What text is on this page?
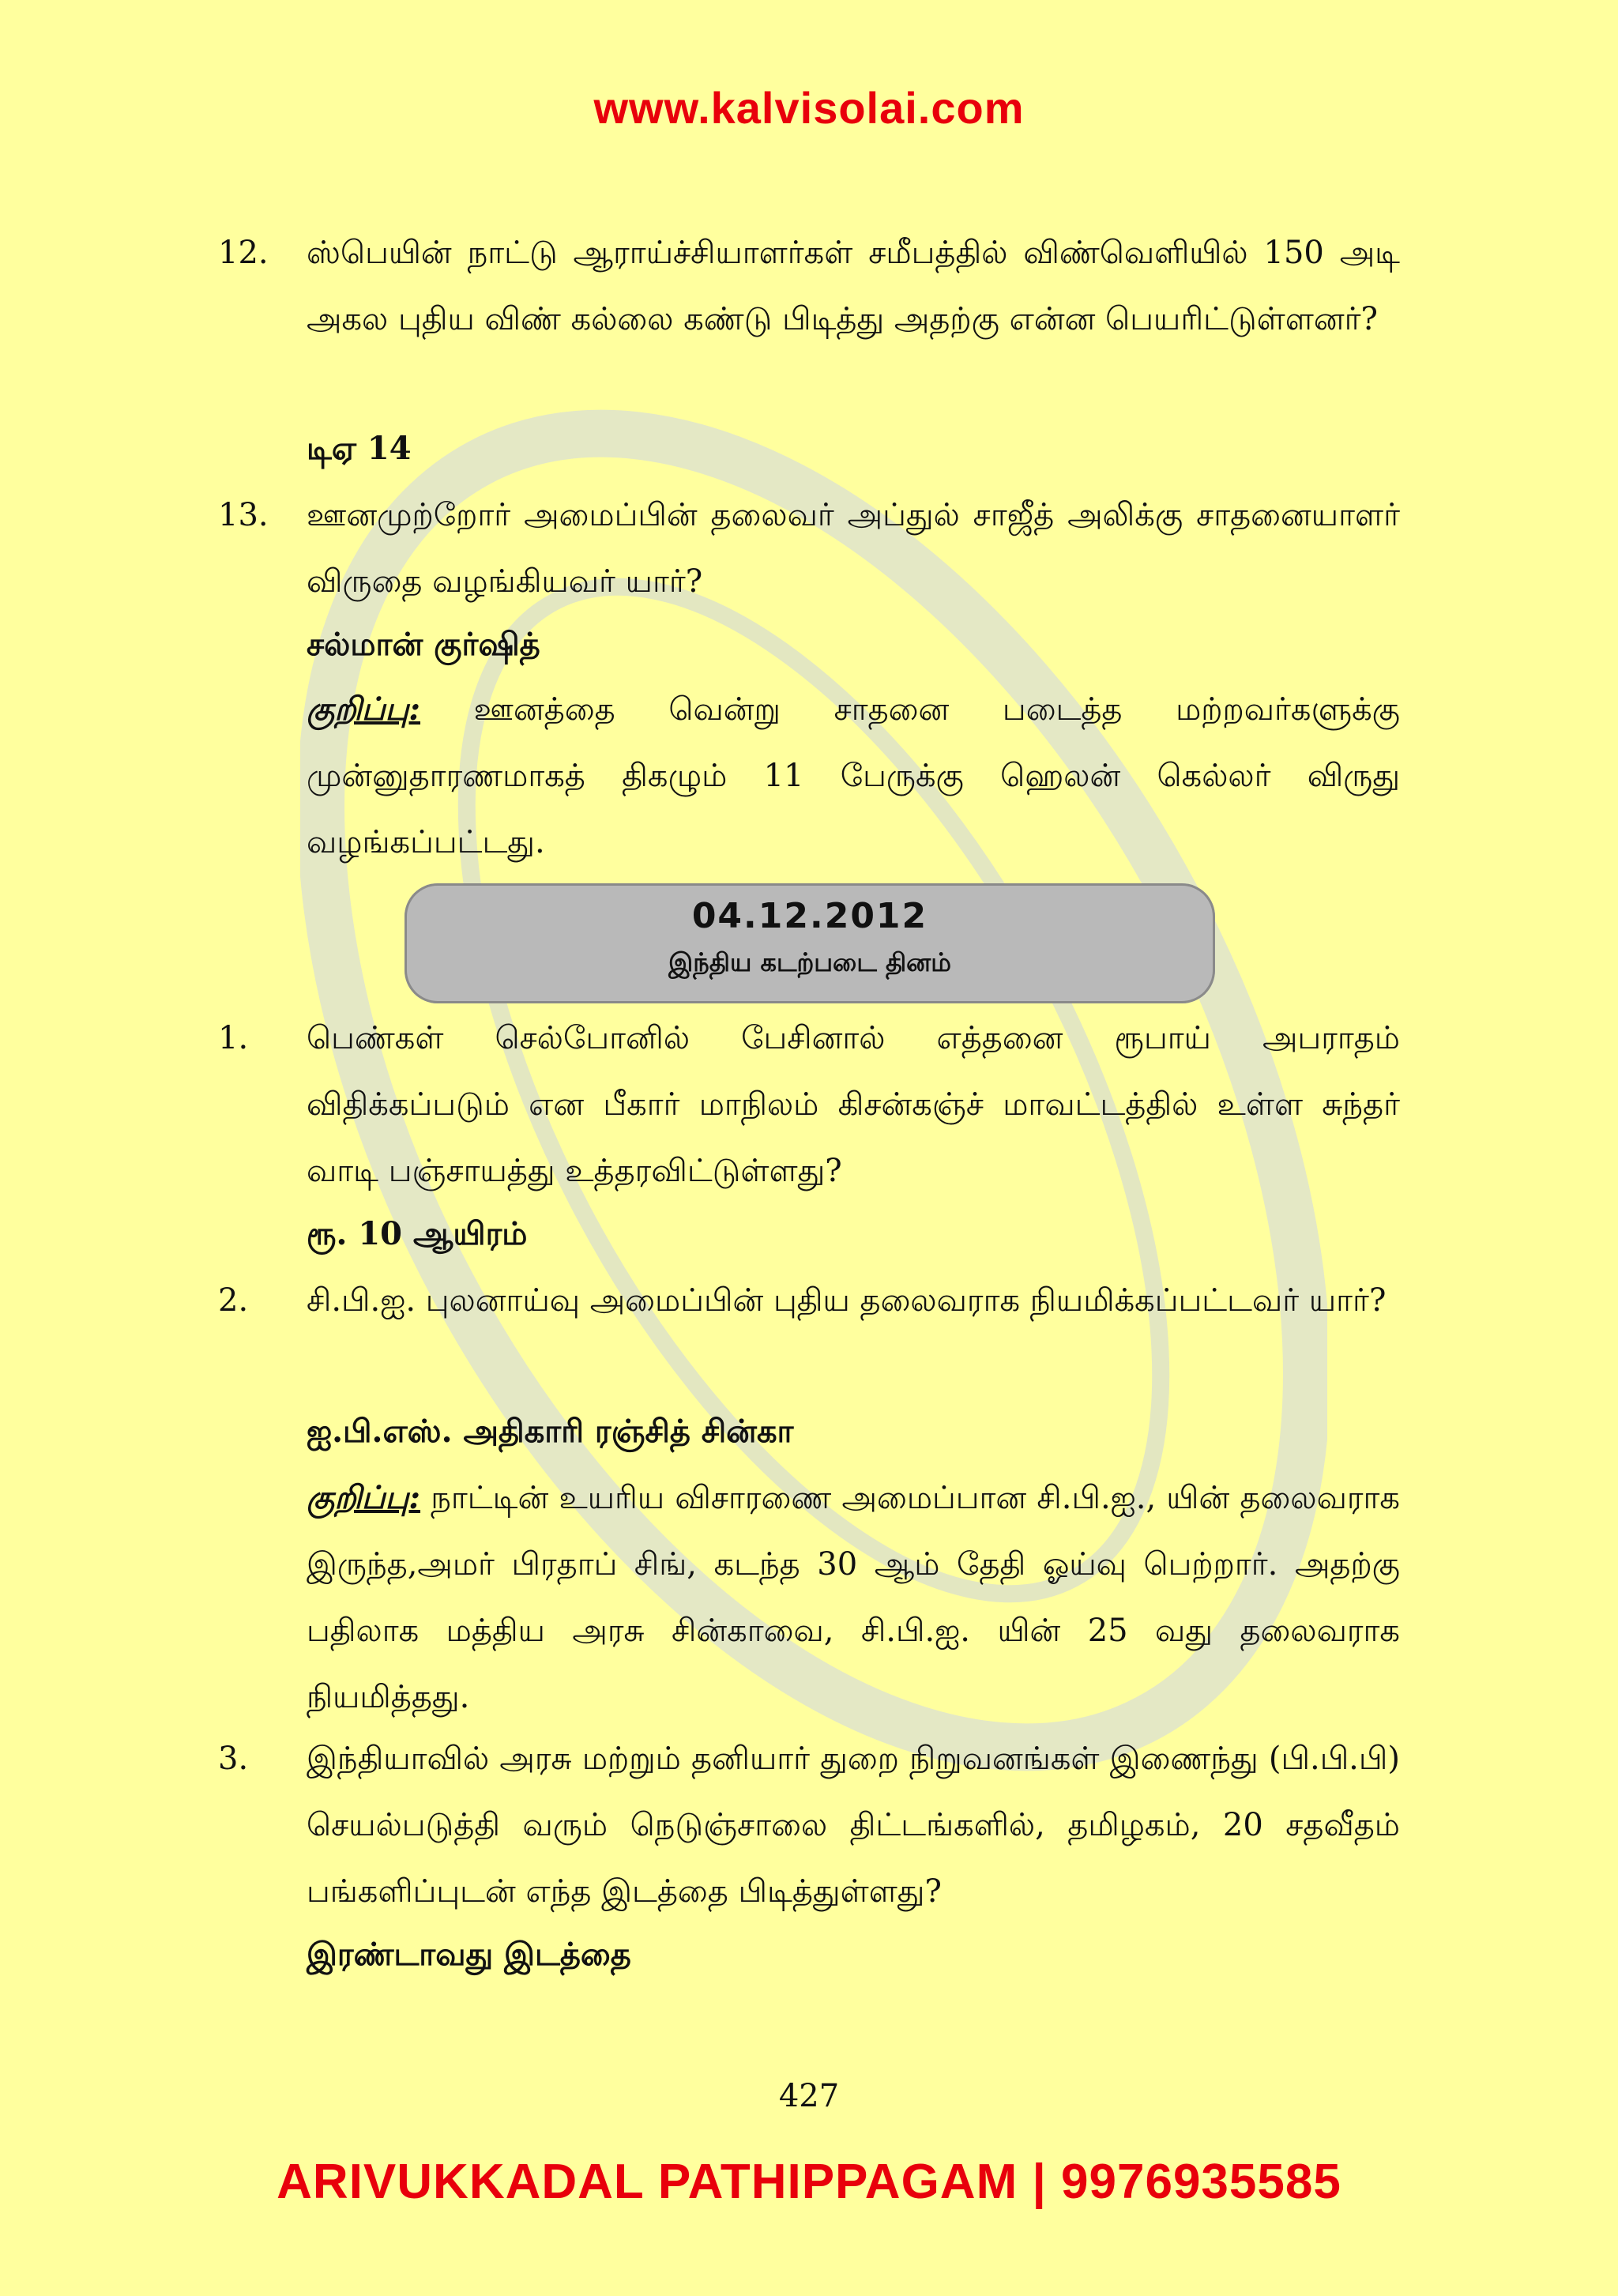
www.kalvisolai.com
12. ஸ்பெயின் நாட்டு ஆராய்ச்சியாளர்கள் சமீபத்தில் விண்வெளியில் 150 அடி அகல புதிய விண் கல்லை கண்டு பிடித்து அதற்கு என்ன பெயரிட்டுள்ளனர்?
டிஏ 14
13. ஊனமுற்றோர் அமைப்பின் தலைவர் அப்துல் சாஜீத் அலிக்கு சாதனையாளர் விருதை வழங்கியவர் யார்?
சல்மான் குர்ஷித்
குறிப்பு: ஊனத்தை வென்று சாதனை படைத்த மற்றவர்களுக்கு முன்னுதாரணமாகத் திகழும் 11 பேருக்கு ஹெலன் கெல்லர் விருது வழங்கப்பட்டது.
04.12.2012
இந்திய கடற்படை தினம்
1. பெண்கள் செல்போனில் பேசினால் எத்தனை ரூபாய் அபராதம் விதிக்கப்படும் என பீகார் மாநிலம் கிசன்கஞ்ச் மாவட்டத்தில் உள்ள சுந்தர் வாடி பஞ்சாயத்து உத்தரவிட்டுள்ளது?
ரூ. 10 ஆயிரம்
2. சி.பி.ஐ. புலனாய்வு அமைப்பின் புதிய தலைவராக நியமிக்கப்பட்டவர் யார்?
ஐ.பி.எஸ். அதிகாரி ரஞ்சித் சின்கா
குறிப்பு: நாட்டின் உயரிய விசாரணை அமைப்பான சி.பி.ஐ., யின் தலைவராக இருந்த,அமர் பிரதாப் சிங், கடந்த 30 ஆம் தேதி ஓய்வு பெற்றார். அதற்கு பதிலாக மத்திய அரசு சின்காவை, சி.பி.ஐ. யின் 25 வது தலைவராக நியமித்தது.
3. இந்தியாவில் அரசு மற்றும் தனியார் துறை நிறுவனங்கள் இணைந்து (பி.பி.பி) செயல்படுத்தி வரும் நெடுஞ்சாலை திட்டங்களில், தமிழகம், 20 சதவீதம் பங்களிப்புடன் எந்த இடத்தை பிடித்துள்ளது?
இரண்டாவது இடத்தை
427
ARIVUKKADAL PATHIPPAGAM | 9976935585
